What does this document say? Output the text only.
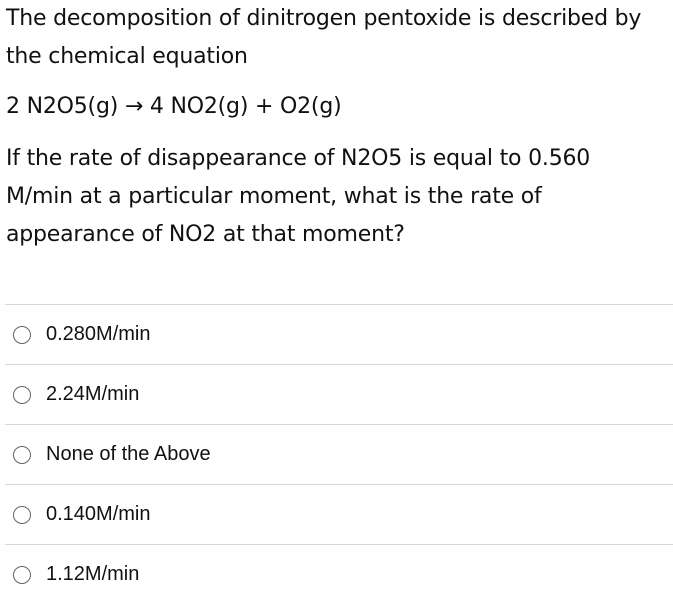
The decomposition of dinitrogen pentoxide is described by
the chemical equation
2 N2O5(g) → 4 NO2(g) + O2(g)
If the rate of disappearance of N2O5 is equal to 0.560
M/min at a particular moment, what is the rate of
appearance of NO2 at that moment?
0.280M/min
2.24M/min
None of the Above
0.140M/min
1.12M/min
